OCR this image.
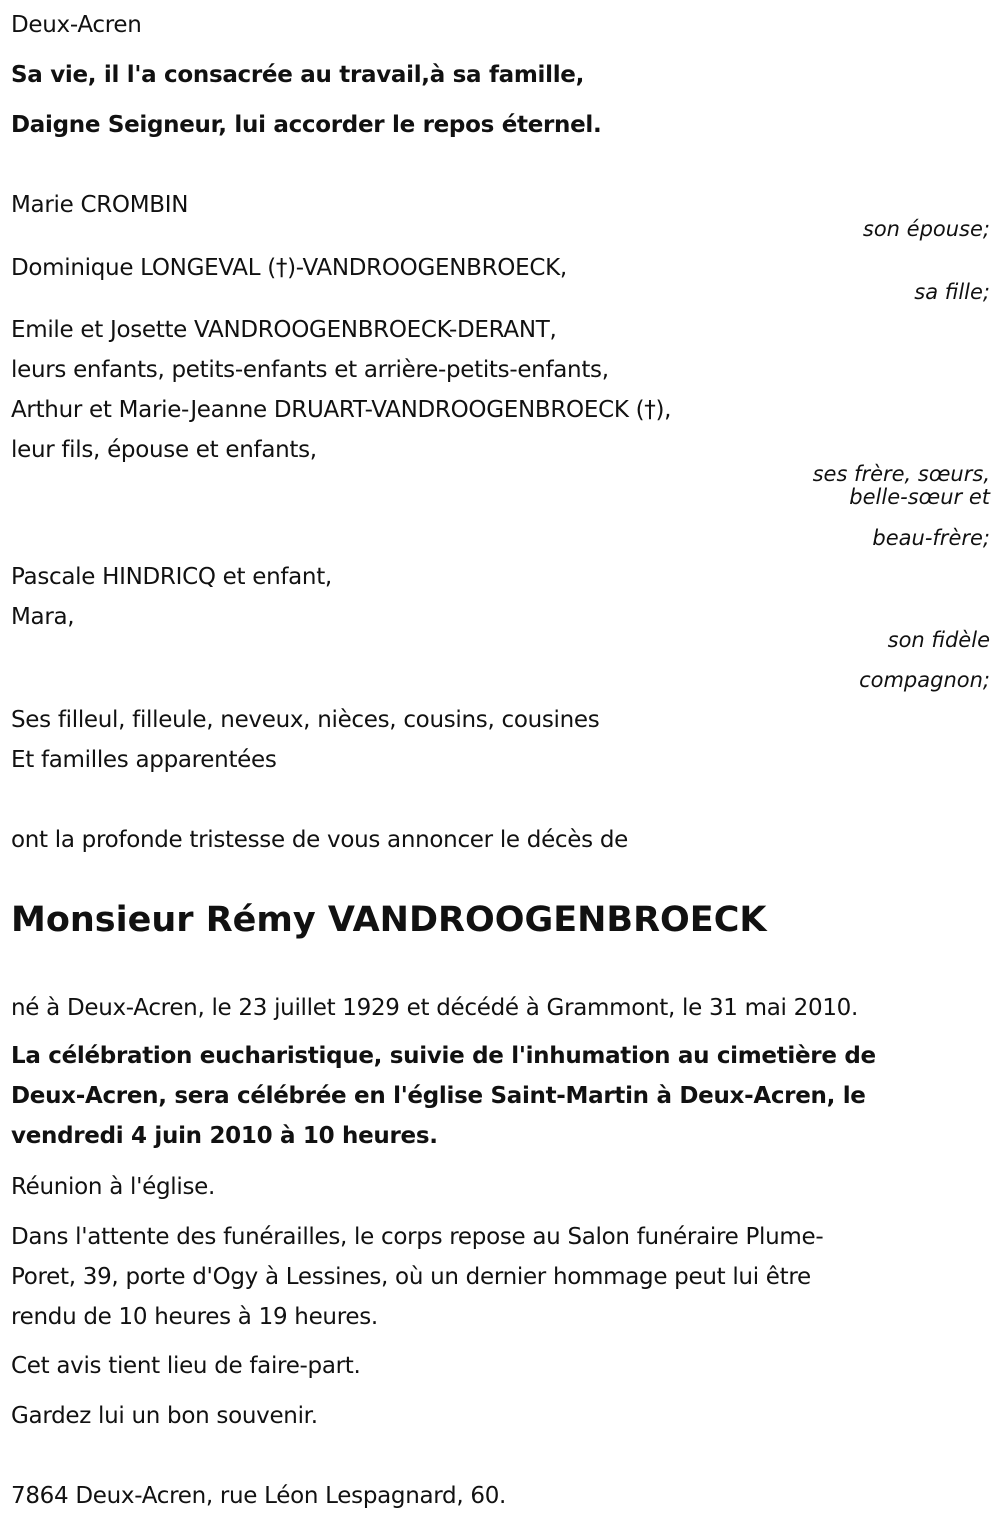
Deux-Acren
Sa vie, il l'a consacrée au travail,à sa famille,
Daigne Seigneur, lui accorder le repos éternel.
Marie CROMBIN
son épouse;
Dominique LONGEVAL (†)-VANDROOGENBROECK,
sa fille;
Emile et Josette VANDROOGENBROECK-DERANT,
leurs enfants, petits-enfants et arrière-petits-enfants,
Arthur et Marie-Jeanne DRUART-VANDROOGENBROECK (†),
leur fils, épouse et enfants,
ses frère, sœurs,
belle-sœur et
beau-frère;
Pascale HINDRICQ et enfant,
Mara,
son fidèle
compagnon;
Ses filleul, filleule, neveux, nièces, cousins, cousines
Et familles apparentées
ont la profonde tristesse de vous annoncer le décès de
Monsieur Rémy VANDROOGENBROECK
né à Deux-Acren, le 23 juillet 1929 et décédé à Grammont, le 31 mai 2010.
La célébration eucharistique, suivie de l'inhumation au cimetière de
Deux-Acren, sera célébrée en l'église Saint-Martin à Deux-Acren, le
vendredi 4 juin 2010 à 10 heures.
Réunion à l'église.
Dans l'attente des funérailles, le corps repose au Salon funéraire Plume-
Poret, 39, porte d'Ogy à Lessines, où un dernier hommage peut lui être
rendu de 10 heures à 19 heures.
Cet avis tient lieu de faire-part.
Gardez lui un bon souvenir.
7864 Deux-Acren, rue Léon Lespagnard, 60.
